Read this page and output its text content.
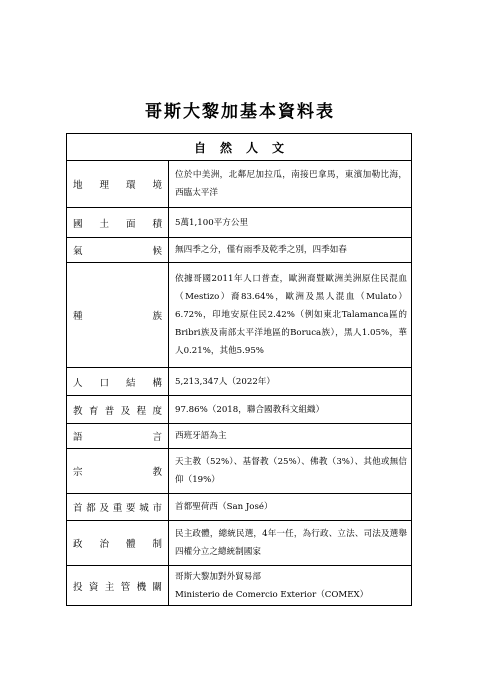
哥斯大黎加基本資料表
自然人文
地理環境
位於中美洲，北鄰尼加拉瓜，南接巴拿馬，東濱加勒比海，西臨太平洋
國土面積 5萬1,100平方公里
氣候 無四季之分，僅有雨季及乾季之別，四季如春
種族
依據哥國2011年人口普查，歐洲裔暨歐洲美洲原住民混血（Mestizo）裔83.64%，歐洲及黑人混血（Mulato）6.72%，印地安原住民2.42%（例如東北Talamanca區的Bribri族及南部太平洋地區的Boruca族），黑人1.05%，華人0.21%，其他5.95%
人口結構 5,213,347人（2022年）
教育普及程度 97.86%（2018，聯合國教科文組織）
語言 西班牙語為主
宗教
天主教（52%）、基督教（25%）、佛教（3%）、其他或無信仰（19%）
首都及重要城市 首都聖荷西（San José）
政治體制
民主政體，總統民選，4年一任，為行政、立法、司法及選舉四權分立之總統制國家
投資主管機關
哥斯大黎加對外貿易部
Ministerio de Comercio Exterior（COMEX）
